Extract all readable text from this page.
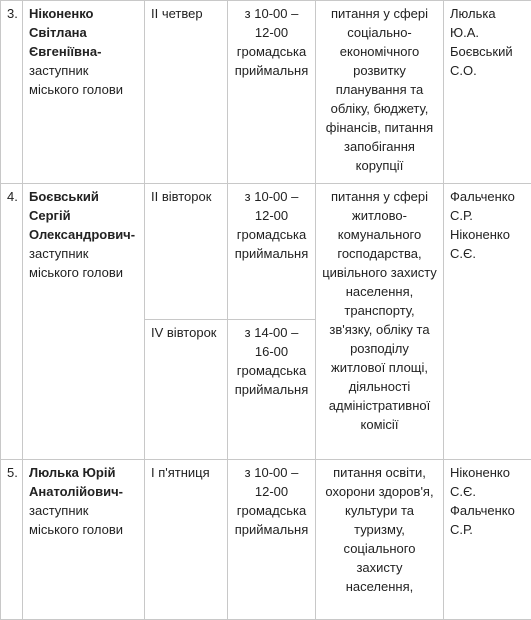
3.	Ніконенко Світлана Євгеніївна-
заступник міського голови	ІІ четвер	з 10-00 – 12-00 громадська приймальня	питання у сфері соціально-економічного розвитку планування та обліку, бюджету, фінансів, питання запобігання корупції	Люлька Ю.А. Боєвський С.О.
4.	Боєвський Сергій Олександрович-
заступник міського голови	ІІ вівторок	з 10-00 – 12-00 громадська приймальня	питання у сфері житлово-комунального господарства, цивільного захисту населення, транспорту, зв'язку, обліку та розподілу житлової площі, діяльності адміністративної комісії	Фальченко С.Р. Ніконенко С.Є.
		IV вівторок	з 14-00 – 16-00 громадська приймальня		
5.	Люлька Юрій Анатолійович-
заступник міського голови	І п'ятниця	з 10-00 – 12-00 громадська приймальня	питання освіти, охорони здоров'я, культури та туризму, соціального захисту населення,	Ніконенко С.Є. Фальченко С.Р.
